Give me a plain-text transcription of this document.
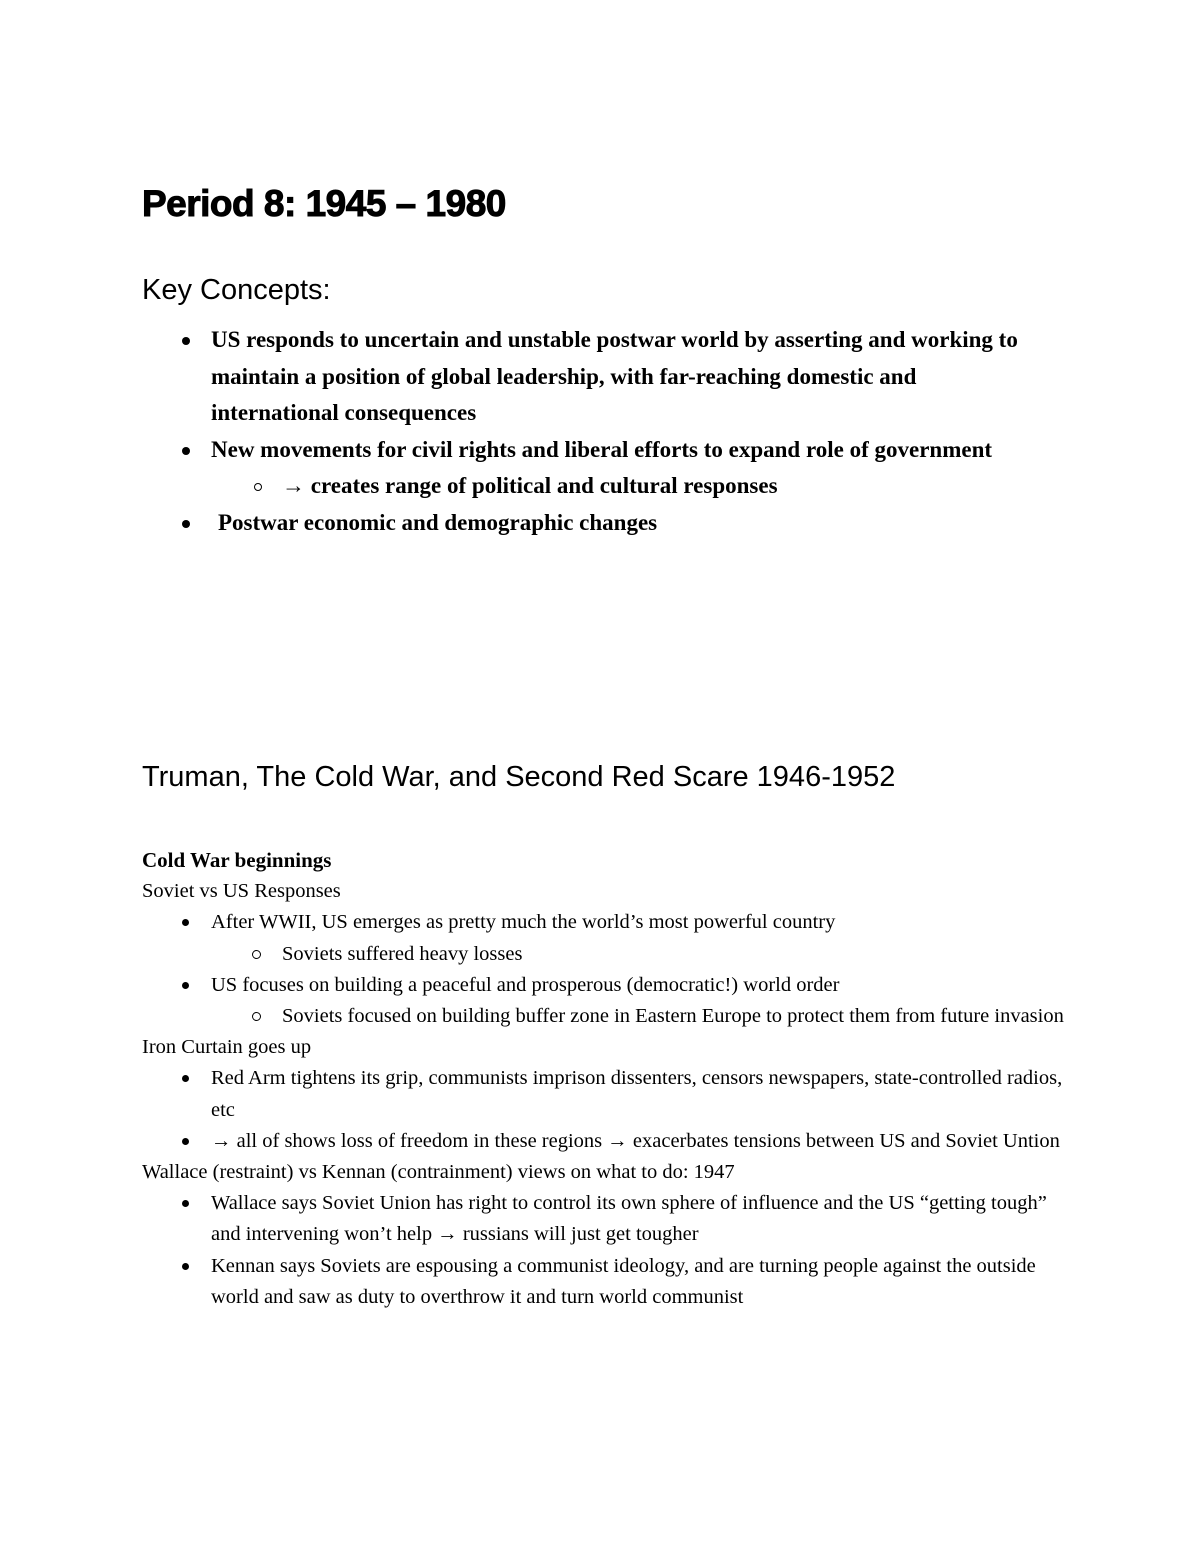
Period 8: 1945 – 1980
Key Concepts:
US responds to uncertain and unstable postwar world by asserting and working to maintain a position of global leadership, with far-reaching domestic and international consequences
New movements for civil rights and liberal efforts to expand role of government
→ creates range of political and cultural responses
Postwar economic and demographic changes
Truman, The Cold War, and Second Red Scare 1946-1952
Cold War beginnings
Soviet vs US Responses
After WWII, US emerges as pretty much the world’s most powerful country
Soviets suffered heavy losses
US focuses on building a peaceful and prosperous (democratic!) world order
Soviets focused on building buffer zone in Eastern Europe to protect them from future invasion
Iron Curtain goes up
Red Arm tightens its grip, communists imprison dissenters, censors newspapers, state-controlled radios, etc
→ all of shows loss of freedom in these regions → exacerbates tensions between US and Soviet Untion
Wallace (restraint) vs Kennan (contrainment) views on what to do: 1947
Wallace says Soviet Union has right to control its own sphere of influence and the US “getting tough” and intervening won’t help → russians will just get tougher
Kennan says Soviets are espousing a communist ideology, and are turning people against the outside world and saw as duty to overthrow it and turn world communist
